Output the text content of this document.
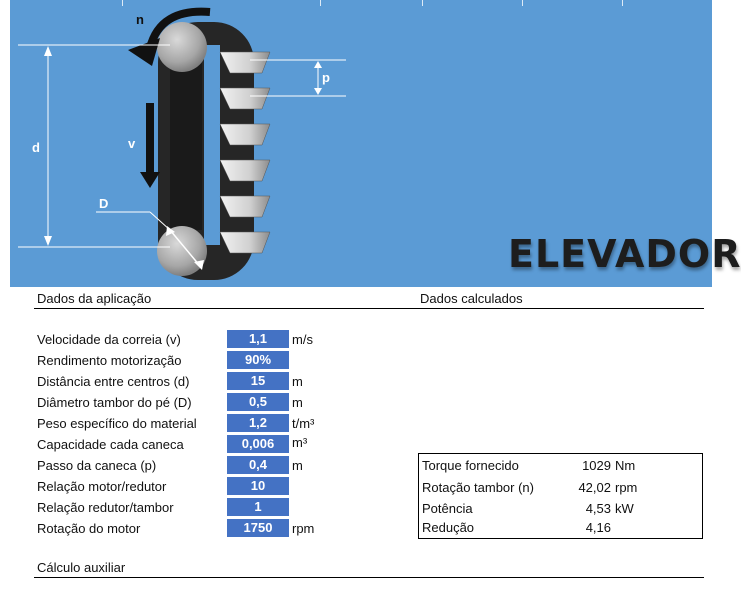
n
v
d
p
D
ELEVADOR
Dados da aplicação	Dados calculados
Velocidade da correia (v)	1,1	m/s
Rendimento motorização	90%
Distância entre centros (d)	15	m
Diâmetro tambor do pé (D)	0,5	m
Peso específico do material	1,2	t/m³
Capacidade cada caneca	0,006	m³
Passo da caneca (p)	0,4	m
Relação motor/redutor	10
Relação redutor/tambor	1
Rotação do motor	1750	rpm
Torque fornecido	1029 Nm
Rotação tambor (n)	42,02 rpm
Potência	4,53 kW
Redução	4,16
Cálculo auxiliar
